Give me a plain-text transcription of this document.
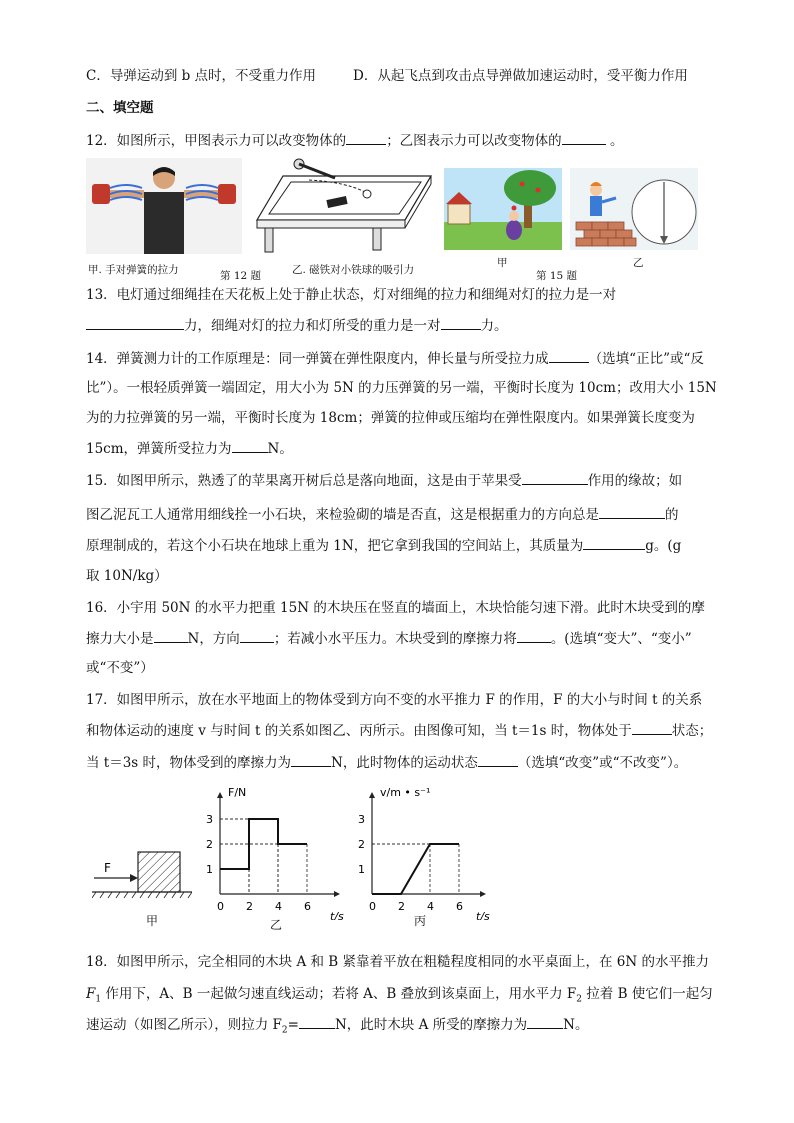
C．导弹运动到 b 点时，不受重力作用	D．从起飞点到攻击点导弹做加速运动时，受平衡力作用
二、填空题
12．如图所示，甲图表示力可以改变物体的	；乙图表示力可以改变物体的	。
甲. 手对弹簧的拉力	第 12 题	乙. 磁铁对小铁球的吸引力
甲
第 15 题
乙
13．电灯通过细绳挂在天花板上处于静止状态，灯对细绳的拉力和细绳对灯的拉力是一对
力，细绳对灯的拉力和灯所受的重力是一对	力。
14．弹簧测力计的工作原理是：同一弹簧在弹性限度内，伸长量与所受拉力成	（选填“正比”或“反
比”）。一根轻质弹簧一端固定，用大小为 5N 的力压弹簧的另一端，平衡时长度为 10cm；改用大小 15N
为的力拉弹簧的另一端，平衡时长度为 18cm；弹簧的拉伸或压缩均在弹性限度内。如果弹簧长度变为
15cm，弹簧所受拉力为	N。
15．如图甲所示，熟透了的苹果离开树后总是落向地面，这是由于苹果受	作用的缘故；如
图乙泥瓦工人通常用细线拴一小石块，来检验砌的墙是否直，这是根据重力的方向总是	的
原理制成的，若这个小石块在地球上重为 1N，把它拿到我国的空间站上，其质量为	g。(g
取 10N/kg）
16．小宇用 50N 的水平力把重 15N 的木块压在竖直的墙面上，木块恰能匀速下滑。此时木块受到的摩
擦力大小是	N，方向	；若减小水平压力。木块受到的摩擦力将	。(选填“变大”、“变小”
或“不变”）
17．如图甲所示，放在水平地面上的物体受到方向不变的水平推力 F 的作用，F 的大小与时间 t 的关系
和物体运动的速度 v 与时间 t 的关系如图乙、丙所示。由图像可知，当 t＝1s 时，物体处于	状态；
当 t＝3s 时，物体受到的摩擦力为	N，此时物体的运动状态	（选填“改变”或“不改变”）。
F
甲
0 2 4 6
1
2
3
t/s
F/N
乙
0 2 4 6
1
2
3
t/s
v/m • s⁻¹
丙
18．如图甲所示，完全相同的木块 A 和 B 紧靠着平放在粗糙程度相同的水平桌面上，在 6N 的水平推力
$F_1$ 作用下，A、B 一起做匀速直线运动；若将 A、B 叠放到该桌面上，用水平力 $F_2$ 拉着 B 使它们一起匀
速运动（如图乙所示），则拉力 $F_2=$	N，此时木块 A 所受的摩擦力为	N。
